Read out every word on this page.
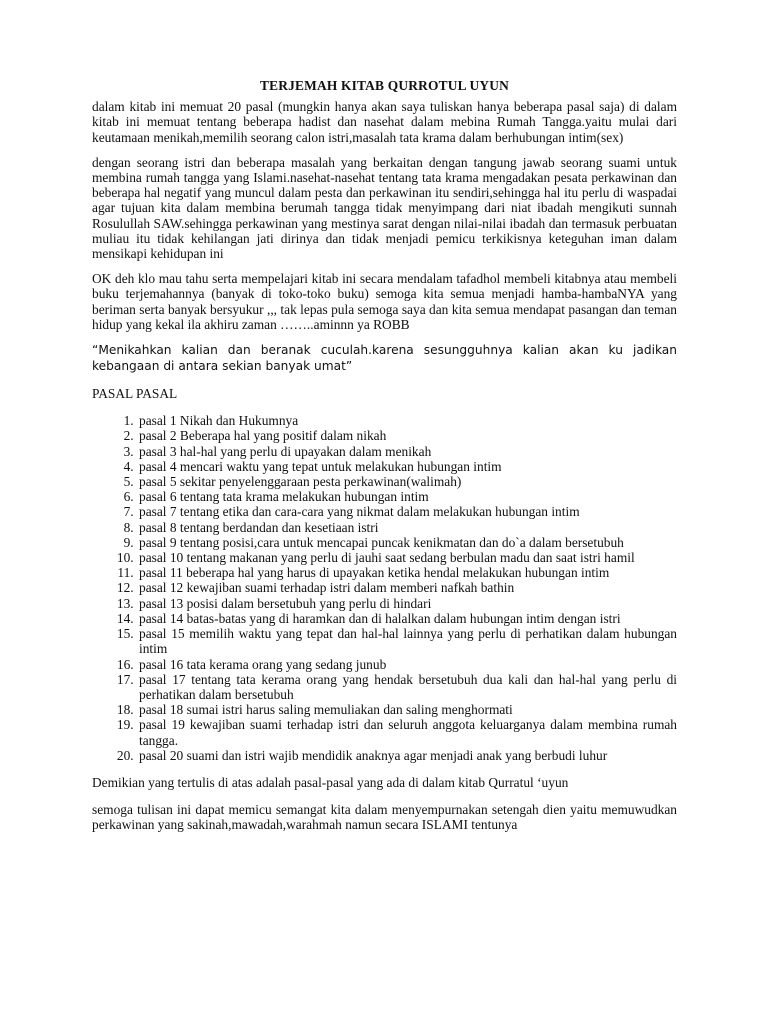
TERJEMAH KITAB QURROTUL UYUN

dalam kitab ini memuat 20 pasal (mungkin hanya akan saya tuliskan hanya beberapa pasal saja) di dalam kitab ini memuat tentang beberapa hadist dan nasehat dalam mebina Rumah Tangga.yaitu mulai dari keutamaan menikah,memilih seorang calon istri,masalah tata krama dalam berhubungan intim(sex)

dengan seorang istri dan beberapa masalah yang berkaitan dengan tangung jawab seorang suami untuk membina rumah tangga yang Islami.nasehat-nasehat tentang tata krama mengadakan pesata perkawinan dan beberapa hal negatif yang muncul dalam pesta dan perkawinan itu sendiri,sehingga hal itu perlu di waspadai agar tujuan kita dalam membina berumah tangga tidak menyimpang dari niat ibadah mengikuti sunnah Rosulullah SAW.sehingga perkawinan yang mestinya sarat dengan nilai-nilai ibadah dan termasuk perbuatan muliau itu tidak kehilangan jati dirinya dan tidak menjadi pemicu terkikisnya keteguhan iman dalam mensikapi kehidupan ini

OK deh klo mau tahu serta mempelajari kitab ini secara mendalam tafadhol membeli kitabnya atau membeli buku terjemahannya (banyak di toko-toko buku) semoga kita semua menjadi hamba-hambaNYA yang beriman serta banyak bersyukur ,,, tak lepas pula semoga saya dan kita semua mendapat pasangan dan teman hidup yang kekal ila akhiru zaman ……..aminnn ya ROBB

“Menikahkan kalian dan beranak cuculah.karena sesungguhnya kalian akan ku jadikan kebangaan di antara sekian banyak umat”

PASAL PASAL
1. pasal 1 Nikah dan Hukumnya
2. pasal 2 Beberapa hal yang positif dalam nikah
3. pasal 3 hal-hal yang perlu di upayakan dalam menikah
4. pasal 4 mencari waktu yang tepat untuk melakukan hubungan intim
5. pasal 5 sekitar penyelenggaraan pesta perkawinan(walimah)
6. pasal 6 tentang tata krama melakukan hubungan intim
7. pasal 7 tentang etika dan cara-cara yang nikmat dalam melakukan hubungan intim
8. pasal 8 tentang berdandan dan kesetiaan istri
9. pasal 9 tentang posisi,cara untuk mencapai puncak kenikmatan dan do`a dalam bersetubuh
10. pasal 10 tentang makanan yang perlu di jauhi saat sedang berbulan madu dan saat istri hamil
11. pasal 11 beberapa hal yang harus di upayakan ketika hendal melakukan hubungan intim
12. pasal 12 kewajiban suami terhadap istri dalam memberi nafkah bathin
13. pasal 13 posisi dalam bersetubuh yang perlu di hindari
14. pasal 14 batas-batas yang di haramkan dan di halalkan dalam hubungan intim dengan istri
15. pasal 15 memilih waktu yang tepat dan hal-hal lainnya yang perlu di perhatikan dalam hubungan intim
16. pasal 16 tata kerama orang yang sedang junub
17. pasal 17 tentang tata kerama orang yang hendak bersetubuh dua kali dan hal-hal yang perlu di perhatikan dalam bersetubuh
18. pasal 18 sumai istri harus saling memuliakan dan saling menghormati
19. pasal 19 kewajiban suami terhadap istri dan seluruh anggota keluarganya dalam membina rumah tangga.
20. pasal 20 suami dan istri wajib mendidik anaknya agar menjadi anak yang berbudi luhur

Demikian yang tertulis di atas adalah pasal-pasal yang ada di dalam kitab Qurratul ‘uyun

semoga tulisan ini dapat memicu semangat kita dalam menyempurnakan setengah dien yaitu memuwudkan perkawinan yang sakinah,mawadah,warahmah namun secara ISLAMI tentunya
